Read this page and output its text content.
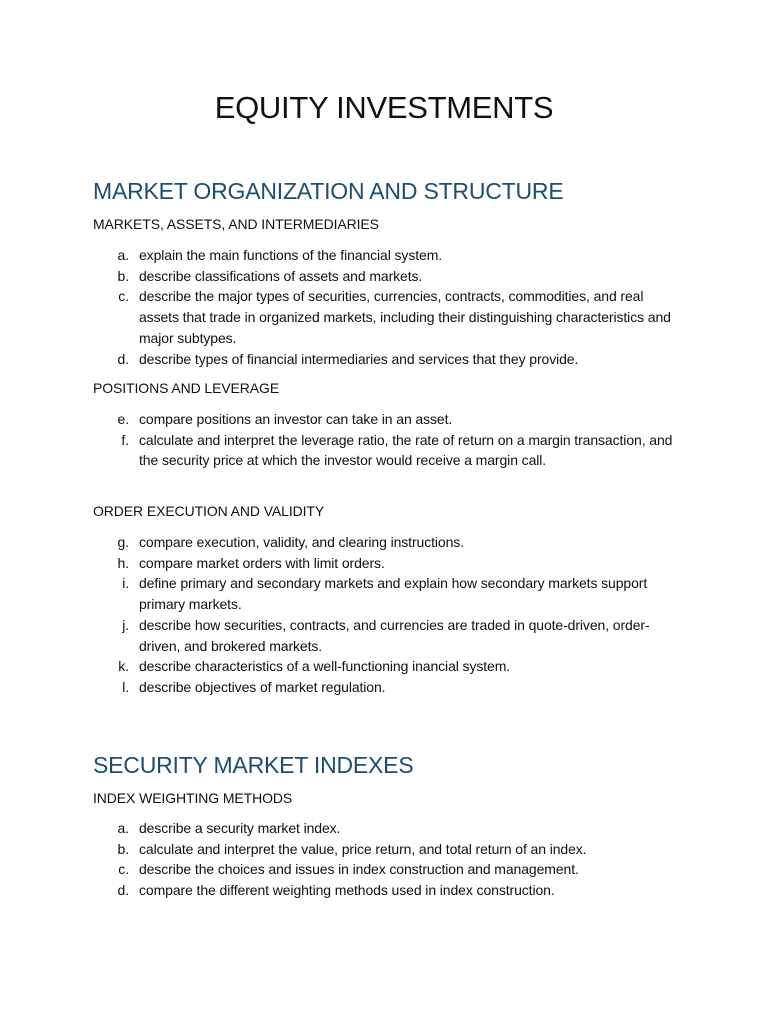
EQUITY INVESTMENTS
MARKET ORGANIZATION AND STRUCTURE
MARKETS, ASSETS, AND INTERMEDIARIES
a. explain the main functions of the financial system.
b. describe classifications of assets and markets.
c. describe the major types of securities, currencies, contracts, commodities, and real assets that trade in organized markets, including their distinguishing characteristics and major subtypes.
d. describe types of financial intermediaries and services that they provide.
POSITIONS AND LEVERAGE
e. compare positions an investor can take in an asset.
f. calculate and interpret the leverage ratio, the rate of return on a margin transaction, and the security price at which the investor would receive a margin call.
ORDER EXECUTION AND VALIDITY
g. compare execution, validity, and clearing instructions.
h. compare market orders with limit orders.
i. define primary and secondary markets and explain how secondary markets support primary markets.
j. describe how securities, contracts, and currencies are traded in quote-driven, order-driven, and brokered markets.
k. describe characteristics of a well-functioning inancial system.
l. describe objectives of market regulation.
SECURITY MARKET INDEXES
INDEX WEIGHTING METHODS
a. describe a security market index.
b. calculate and interpret the value, price return, and total return of an index.
c. describe the choices and issues in index construction and management.
d. compare the different weighting methods used in index construction.
